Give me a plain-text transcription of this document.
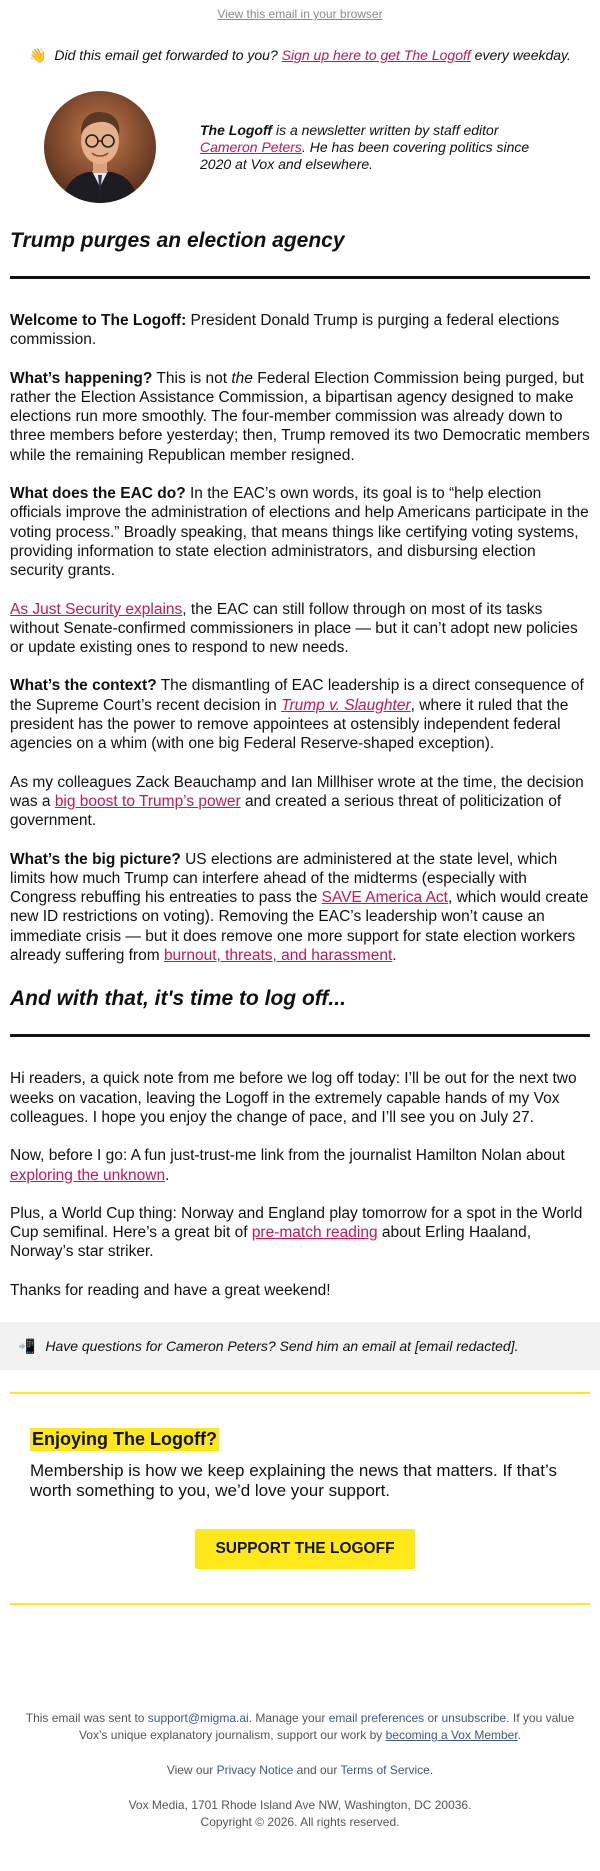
View this email in your browser
👋 Did this email get forwarded to you? Sign up here to get The Logoff every weekday.
The Logoff is a newsletter written by staff editor Cameron Peters. He has been covering politics since 2020 at Vox and elsewhere.
Trump purges an election agency

Welcome to The Logoff: President Donald Trump is purging a federal elections commission.

What’s happening? This is not the Federal Election Commission being purged, but rather the Election Assistance Commission, a bipartisan agency designed to make elections run more smoothly. The four-member commission was already down to three members before yesterday; then, Trump removed its two Democratic members while the remaining Republican member resigned.

What does the EAC do? In the EAC’s own words, its goal is to “help election officials improve the administration of elections and help Americans participate in the voting process.” Broadly speaking, that means things like certifying voting systems, providing information to state election administrators, and disbursing election security grants.

As Just Security explains, the EAC can still follow through on most of its tasks without Senate-confirmed commissioners in place — but it can’t adopt new policies or update existing ones to respond to new needs.

What’s the context? The dismantling of EAC leadership is a direct consequence of the Supreme Court’s recent decision in Trump v. Slaughter, where it ruled that the president has the power to remove appointees at ostensibly independent federal agencies on a whim (with one big Federal Reserve-shaped exception).

As my colleagues Zack Beauchamp and Ian Millhiser wrote at the time, the decision was a big boost to Trump’s power and created a serious threat of politicization of government.

What’s the big picture? US elections are administered at the state level, which limits how much Trump can interfere ahead of the midterms (especially with Congress rebuffing his entreaties to pass the SAVE America Act, which would create new ID restrictions on voting). Removing the EAC’s leadership won’t cause an immediate crisis — but it does remove one more support for state election workers already suffering from burnout, threats, and harassment.

And with that, it's time to log off...

Hi readers, a quick note from me before we log off today: I’ll be out for the next two weeks on vacation, leaving the Logoff in the extremely capable hands of my Vox colleagues. I hope you enjoy the change of pace, and I’ll see you on July 27.

Now, before I go: A fun just-trust-me link from the journalist Hamilton Nolan about exploring the unknown.

Plus, a World Cup thing: Norway and England play tomorrow for a spot in the World Cup semifinal. Here’s a great bit of pre-match reading about Erling Haaland, Norway’s star striker.

Thanks for reading and have a great weekend!

📲 Have questions for Cameron Peters? Send him an email at [email redacted].
Enjoying The Logoff?
Membership is how we keep explaining the news that matters. If that’s worth something to you, we’d love your support.
SUPPORT THE LOGOFF

This email was sent to support@migma.ai. Manage your email preferences or unsubscribe. If you value Vox’s unique explanatory journalism, support our work by becoming a Vox Member.

View our Privacy Notice and our Terms of Service.

Vox Media, 1701 Rhode Island Ave NW, Washington, DC 20036.
Copyright © 2026. All rights reserved.
